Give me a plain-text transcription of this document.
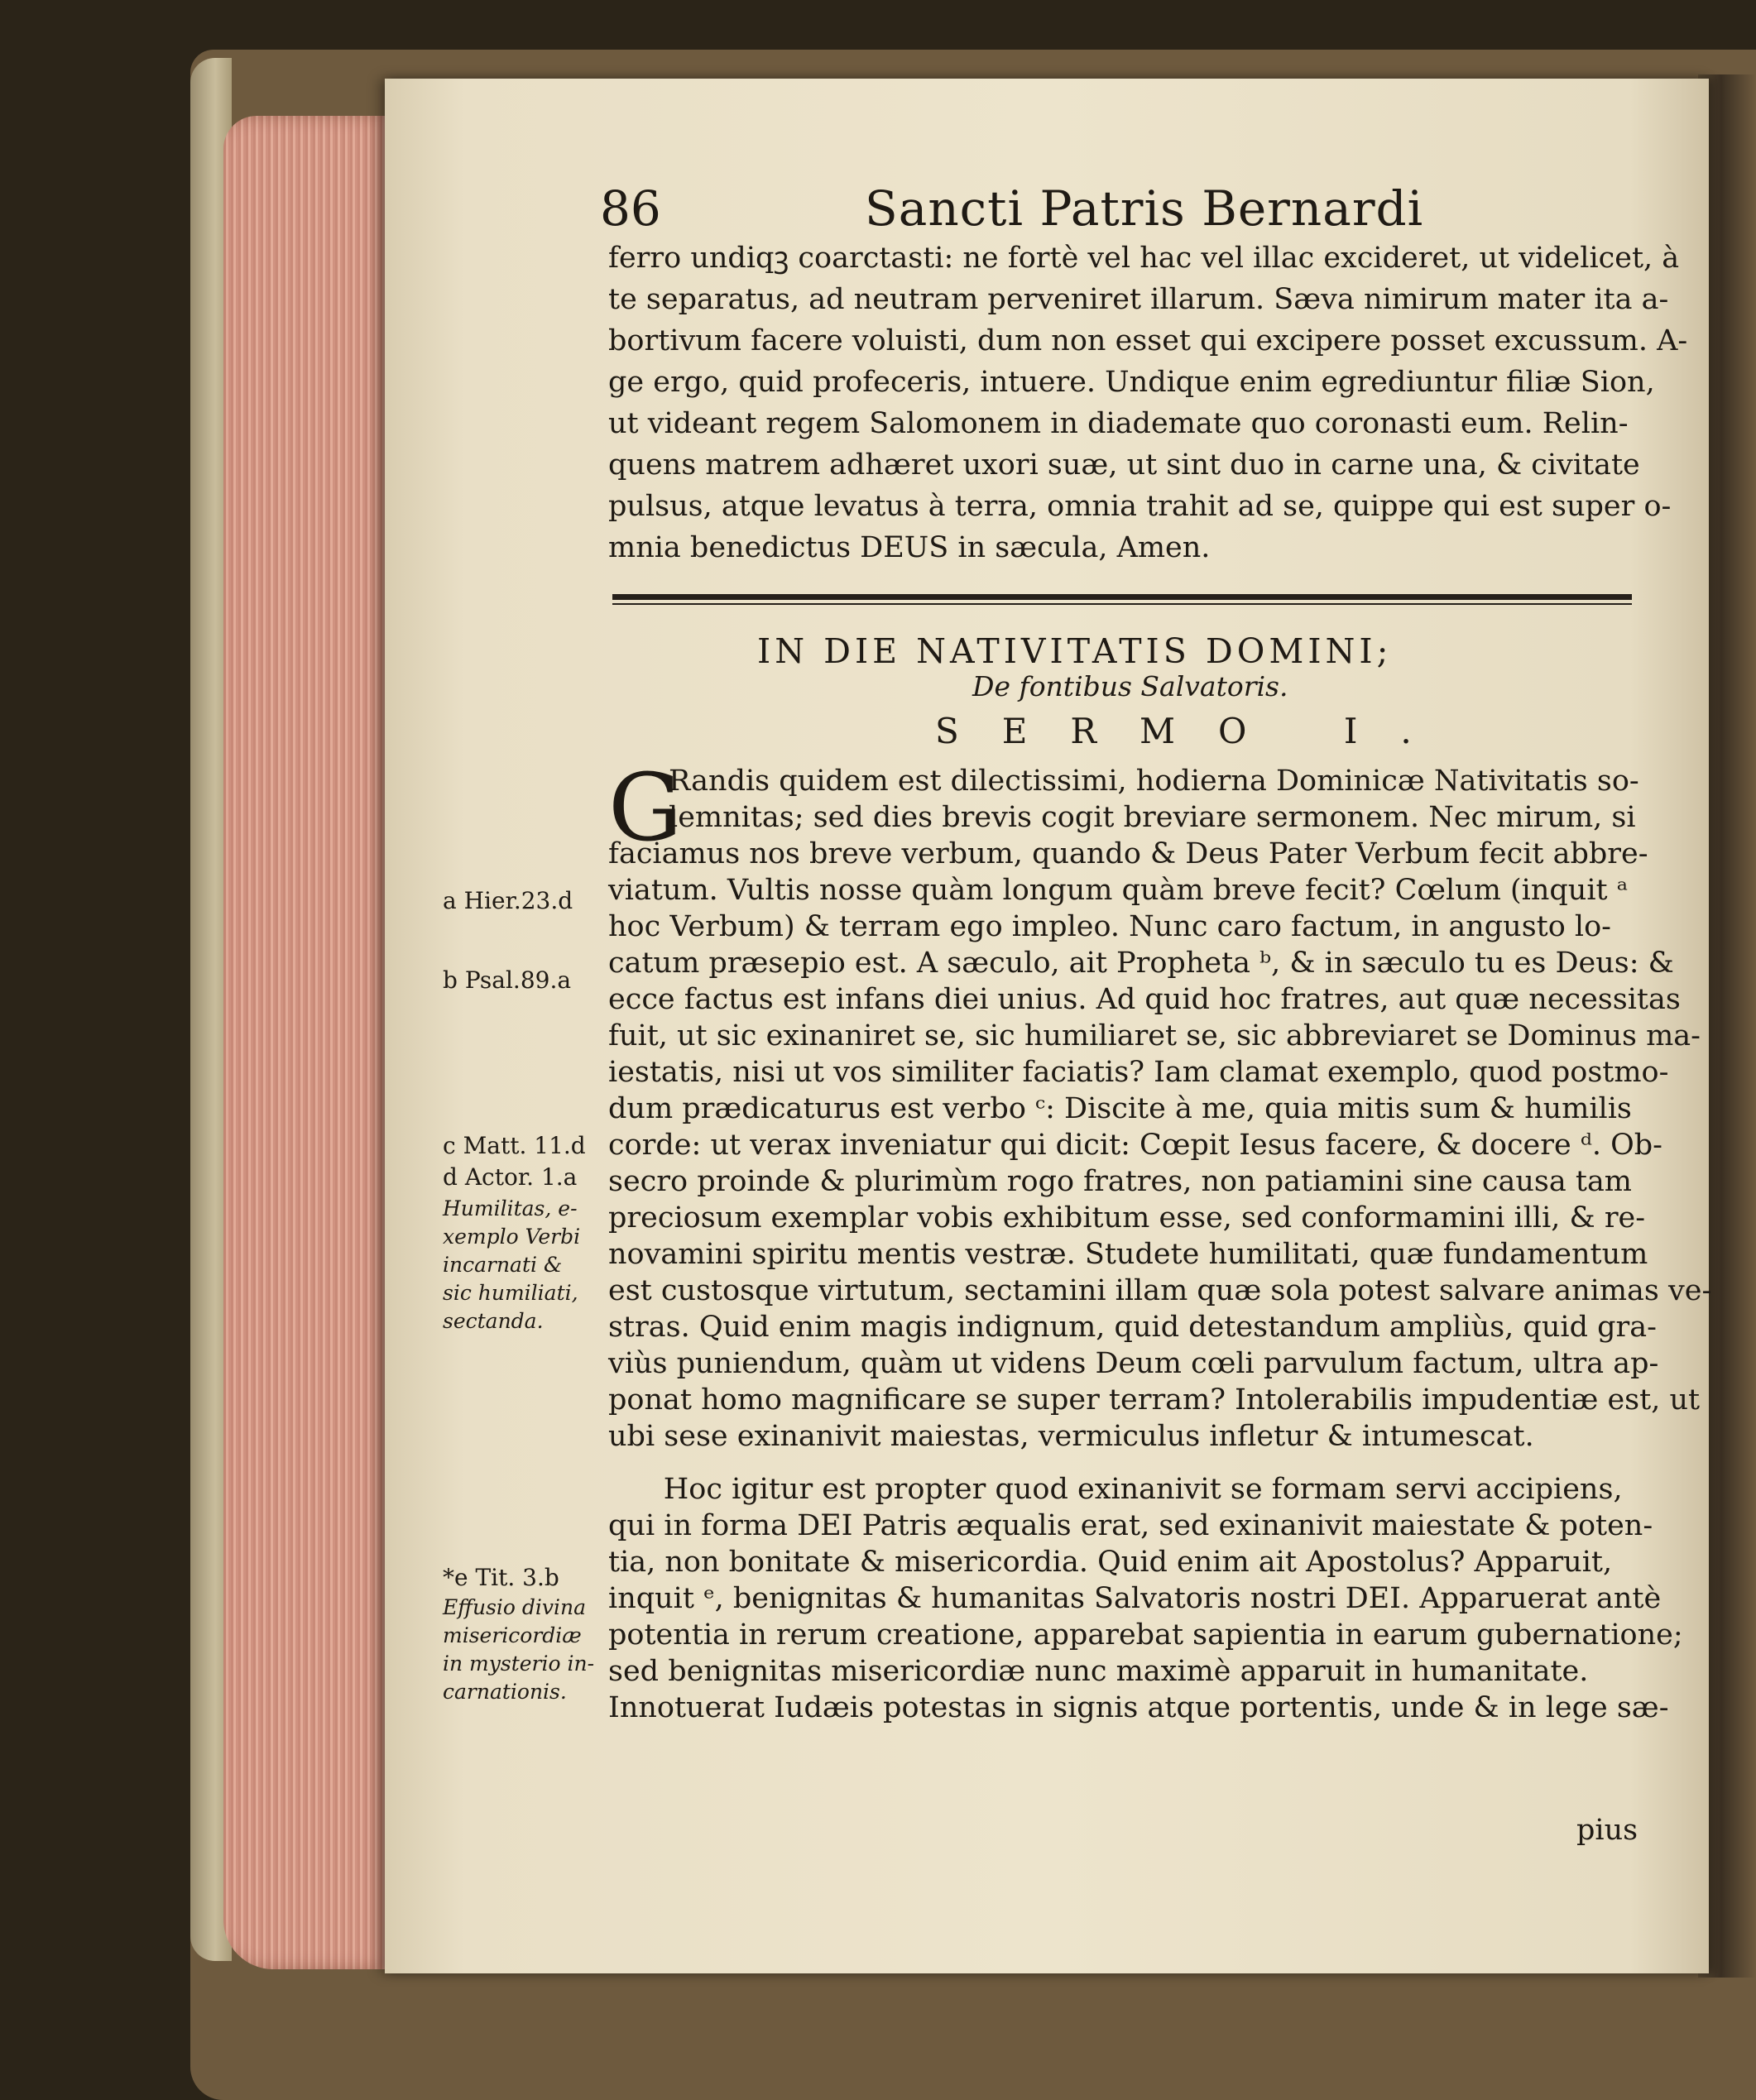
86	Sancti Patris Bernardi
ferro undiqꝫ coarctasti: ne fortè vel hac vel illac excideret, ut videlicet, à
te separatus, ad neutram perveniret illarum. Sæva nimirum mater ita a-
bortivum facere voluisti, dum non esset qui excipere posset excussum. A-
ge ergo, quid profeceris, intuere. Undique enim egrediuntur filiæ Sion,
ut videant regem Salomonem in diademate quo coronasti eum. Relin-
quens matrem adhæret uxori suæ, ut sint duo in carne una, & civitate
pulsus, atque levatus à terra, omnia trahit ad se, quippe qui est super o-
mnia benedictus DEUS in sæcula, Amen.
IN DIE NATIVITATIS DOMINI;
De fontibus Salvatoris.
SERMO I.
G
Randis quidem est dilectissimi, hodierna Dominicæ Nativitatis so-
lemnitas; sed dies brevis cogit breviare sermonem. Nec mirum, si
faciamus nos breve verbum, quando & Deus Pater Verbum fecit abbre-
viatum. Vultis nosse quàm longum quàm breve fecit? Cœlum (inquit ᵃ
hoc Verbum) & terram ego impleo. Nunc caro factum, in angusto lo-
catum præsepio est. A sæculo, ait Propheta ᵇ, & in sæculo tu es Deus: &
ecce factus est infans diei unius. Ad quid hoc fratres, aut quæ necessitas
fuit, ut sic exinaniret se, sic humiliaret se, sic abbreviaret se Dominus ma-
iestatis, nisi ut vos similiter faciatis? Iam clamat exemplo, quod postmo-
dum prædicaturus est verbo ᶜ: Discite à me, quia mitis sum & humilis
corde: ut verax inveniatur qui dicit: Cœpit Iesus facere, & docere ᵈ. Ob-
secro proinde & plurimùm rogo fratres, non patiamini sine causa tam
preciosum exemplar vobis exhibitum esse, sed conformamini illi, & re-
novamini spiritu mentis vestræ. Studete humilitati, quæ fundamentum
est custosque virtutum, sectamini illam quæ sola potest salvare animas ve-
stras. Quid enim magis indignum, quid detestandum ampliùs, quid gra-
viùs puniendum, quàm ut videns Deum cœli parvulum factum, ultra ap-
ponat homo magnificare se super terram? Intolerabilis impudentiæ est, ut
ubi sese exinanivit maiestas, vermiculus infletur & intumescat.
Hoc igitur est propter quod exinanivit se formam servi accipiens,
qui in forma DEI Patris æqualis erat, sed exinanivit maiestate & poten-
tia, non bonitate & misericordia. Quid enim ait Apostolus? Apparuit,
inquit ᵉ, benignitas & humanitas Salvatoris nostri DEI. Apparuerat antè
potentia in rerum creatione, apparebat sapientia in earum gubernatione;
sed benignitas misericordiæ nunc maximè apparuit in humanitate.
Innotuerat Iudæis potestas in signis atque portentis, unde & in lege sæ-
pius
a Hier.23.d
b Psal.89.a
c Matt. 11.d
d Actor. 1.a
Humilitas, e-
xemplo Verbi
incarnati &
sic humiliati,
sectanda.
*e Tit. 3.b
Effusio divina
misericordiæ
in mysterio in-
carnationis.
